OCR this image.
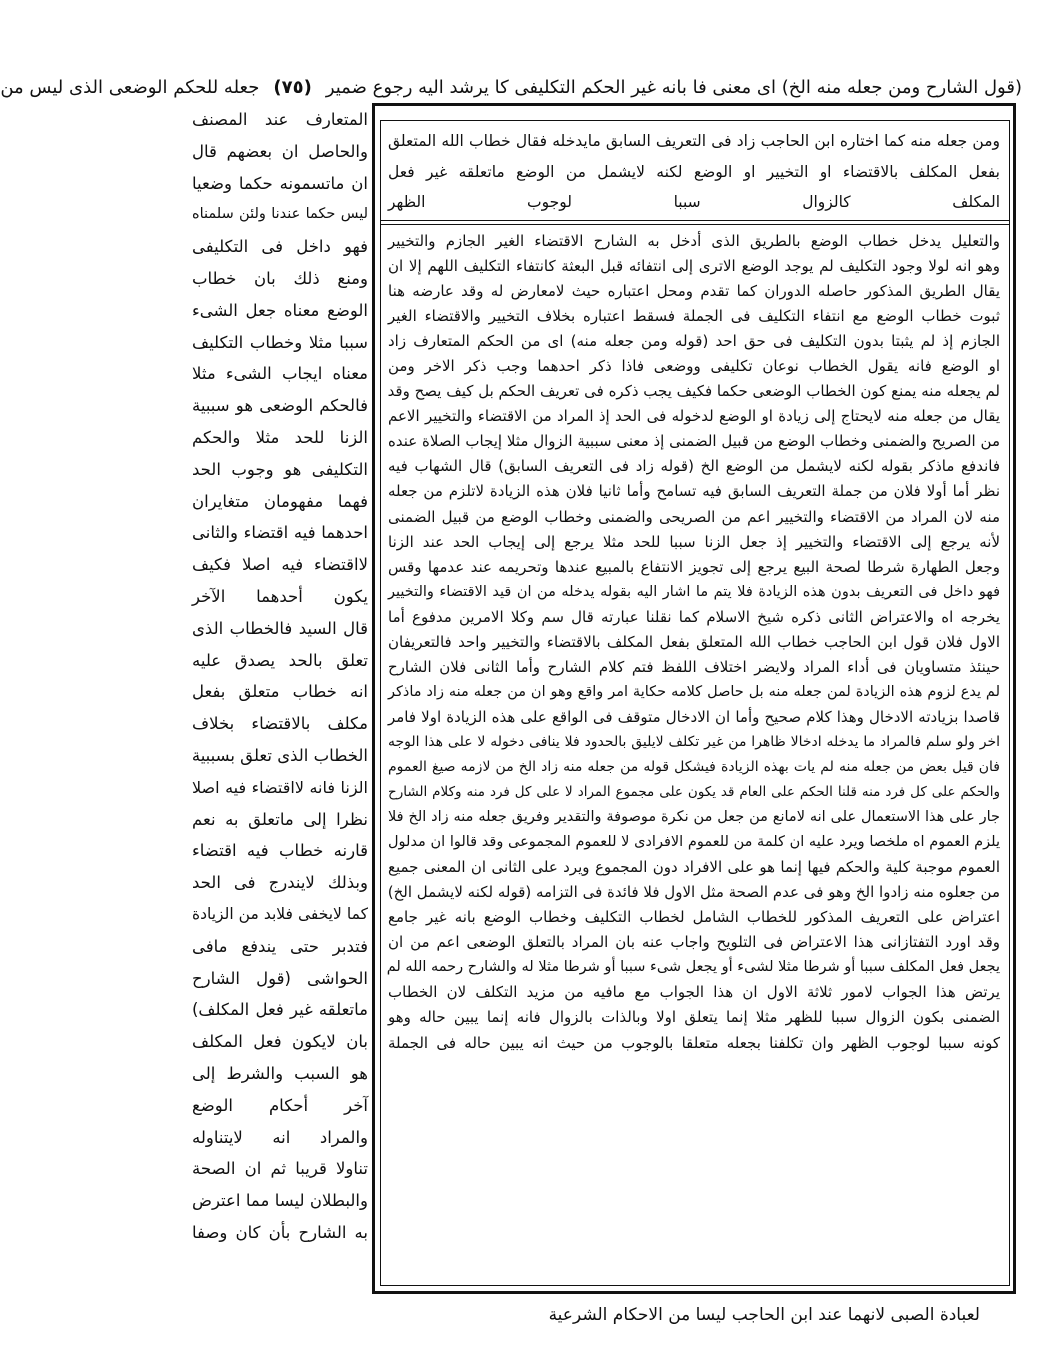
(قول الشارح ومن جعله منه الخ) اى معنى فا بانه غير الحكم التكليفى كا يرشد اليه رجوع ضمير
(٧٥)
جعله للحكم الوضعى الذى ليس من
المتعارف عند المصنف
والحاصل ان بعضهم قال
ان ماتسمونه حكما وضعيا
ليس حكما عندنا ولئن سلمناه
فهو داخل فى التكليفى
ومنع ذلك بان خطاب
الوضع معناه جعل الشىء
سببا مثلا وخطاب التكليف
معناه ايجاب الشىء مثلا
فالحكم الوضعى هو سببية
الزنا للحد مثلا والحكم
التكليفى هو وجوب الحد
فهما مفهومان متغايران
احدهما فيه اقتضاء والثانى
لااقتضاء فيه اصلا فكيف
يكون أحدهما الآخر
قال السيد فالخطاب الذى
تعلق بالحد يصدق عليه
انه خطاب متعلق بفعل
مكلف بالاقتضاء بخلاف
الخطاب الذى تعلق بسببية
الزنا فانه لااقتضاء فيه اصلا
نظرا إلى ماتعلق به نعم
قارنه خطاب فيه اقتضاء
وبذلك لايندرج فى الحد
كما لايخفى فلابد من الزيادة
فتدبر حتى يندفع مافى
الحواشى (قول الشارح
ماتعلقه غير فعل المكلف)
بان لايكون فعل المكلف
هو السبب والشرط إلى
آخر أحكام الوضع
والمراد انه لايتناوله
تناولا قريبا ثم ان الصحة
والبطلان ليسا مما اعترض
به الشارح بأن كان وصفا
ومن جعله منه كما اختاره ابن الحاجب زاد فى التعريف السابق مايدخله فقال خطاب الله المتعلق
بفعل المكلف بالاقتضاء او التخيير او الوضع لكنه لايشمل من الوضع ماتعلقه غير فعل
المكلف كالزوال سببا لوجوب الظهر
والتعليل يدخل خطاب الوضع بالطريق الذى أدخل به الشارح الاقتضاء الغير الجازم والتخيير
وهو انه لولا وجود التكليف لم يوجد الوضع الاترى إلى انتفائه قبل البعثة كانتفاء التكليف اللهم إلا ان
يقال الطريق المذكور حاصله الدوران كما تقدم ومحل اعتباره حيث لامعارض له وقد عارضه هنا
ثبوت خطاب الوضع مع انتفاء التكليف فى الجملة فسقط اعتباره بخلاف التخيير والاقتضاء الغير
الجازم إذ لم يثبتا بدون التكليف فى حق احد (قوله ومن جعله منه) اى من الحكم المتعارف زاد
او الوضع فانه يقول الخطاب نوعان تكليفى ووضعى فاذا ذكر احدهما وجب ذكر الاخر ومن
لم يجعله منه يمنع كون الخطاب الوضعى حكما فكيف يجب ذكره فى تعريف الحكم بل كيف يصح وقد
يقال من جعله منه لايحتاج إلى زيادة او الوضع لدخوله فى الحد إذ المراد من الاقتضاء والتخيير الاعم
من الصريح والضمنى وخطاب الوضع من قبيل الضمنى إذ معنى سببية الزوال مثلا إيجاب الصلاة عنده
فاندفع ماذكر بقوله لكنه لايشمل من الوضع الخ (قوله زاد فى التعريف السابق) قال الشهاب فيه
نظر أما أولا فلان من جملة التعريف السابق فيه تسامح وأما ثانيا فلان هذه الزيادة لاتلزم من جعله
منه لان المراد من الاقتضاء والتخيير اعم من الصريحى والضمنى وخطاب الوضع من قبيل الضمنى
لأنه يرجع إلى الاقتضاء والتخيير إذ جعل الزنا سببا للحد مثلا يرجع إلى إيجاب الحد عند الزنا
وجعل الطهارة شرطا لصحة البيع يرجع إلى تجويز الانتفاع بالمبيع عندها وتحريمه عند عدمها وقس
فهو داخل فى التعريف بدون هذه الزيادة فلا يتم ما اشار اليه بقوله يدخله من ان قيد الاقتضاء والتخيير
يخرجه اه والاعتراض الثانى ذكره شيخ الاسلام كما نقلنا عبارته قال سم وكلا الامرين مدفوع أما
الاول فلان قول ابن الحاجب خطاب الله المتعلق بفعل المكلف بالاقتضاء والتخيير واحد فالتعريفان
حينئذ متساويان فى أداء المراد ولايضر اختلاف اللفظ فتم كلام الشارح وأما الثانى فلان الشارح
لم يدع لزوم هذه الزيادة لمن جعله منه بل حاصل كلامه حكاية امر واقع وهو ان من جعله منه زاد ماذكر
قاصدا بزيادته الادخال وهذا كلام صحيح وأما ان الادخال متوقف فى الواقع على هذه الزيادة اولا فامر
اخر ولو سلم فالمراد ما يدخله ادخالا ظاهرا من غير تكلف لايليق بالحدود فلا ينافى دخوله لا على هذا الوجه
فان قيل بعض من جعله منه لم يات بهذه الزيادة فيشكل قوله من جعله منه زاد الخ من لازمه صيغ العموم
والحكم على كل فرد منه قلنا الحكم على العام قد يكون على مجموع المراد لا على كل فرد منه وكلام الشارح
جار على هذا الاستعمال على انه لامانع من جعل من نكرة موصوفة والتقدير وفريق جعله منه زاد الخ فلا
يلزم العموم اه ملخصا ويرد عليه ان كلمة من للعموم الافرادى لا للعموم المجموعى وقد قالوا ان مدلول
العموم موجبة كلية والحكم فيها إنما هو على الافراد دون المجموع ويرد على الثانى ان المعنى جميع
من جعلوه منه زادوا الخ وهو فى عدم الصحة مثل الاول فلا فائدة فى التزامه (قوله لكنه لايشمل الخ)
اعتراض على التعريف المذكور للخطاب الشامل لخطاب التكليف وخطاب الوضع بانه غير جامع
وقد اورد التفتازانى هذا الاعتراض فى التلويح واجاب عنه بان المراد بالتعلق الوضعى اعم من ان
يجعل فعل المكلف سببا أو شرطا مثلا لشىء أو يجعل شىء سببا أو شرطا مثلا له والشارح رحمه الله لم
يرتض هذا الجواب لامور ثلاثة الاول ان هذا الجواب مع مافيه من مزيد التكلف لان الخطاب
الضمنى بكون الزوال سببا للظهر مثلا إنما يتعلق اولا وبالذات بالزوال فانه إنما يبين حاله وهو
كونه سببا لوجوب الظهر وان تكلفنا بجعله متعلقا بالوجوب من حيث انه يبين حاله فى الجملة
لعبادة الصبى لانهما عند ابن الحاجب ليسا من الاحكام الشرعية
